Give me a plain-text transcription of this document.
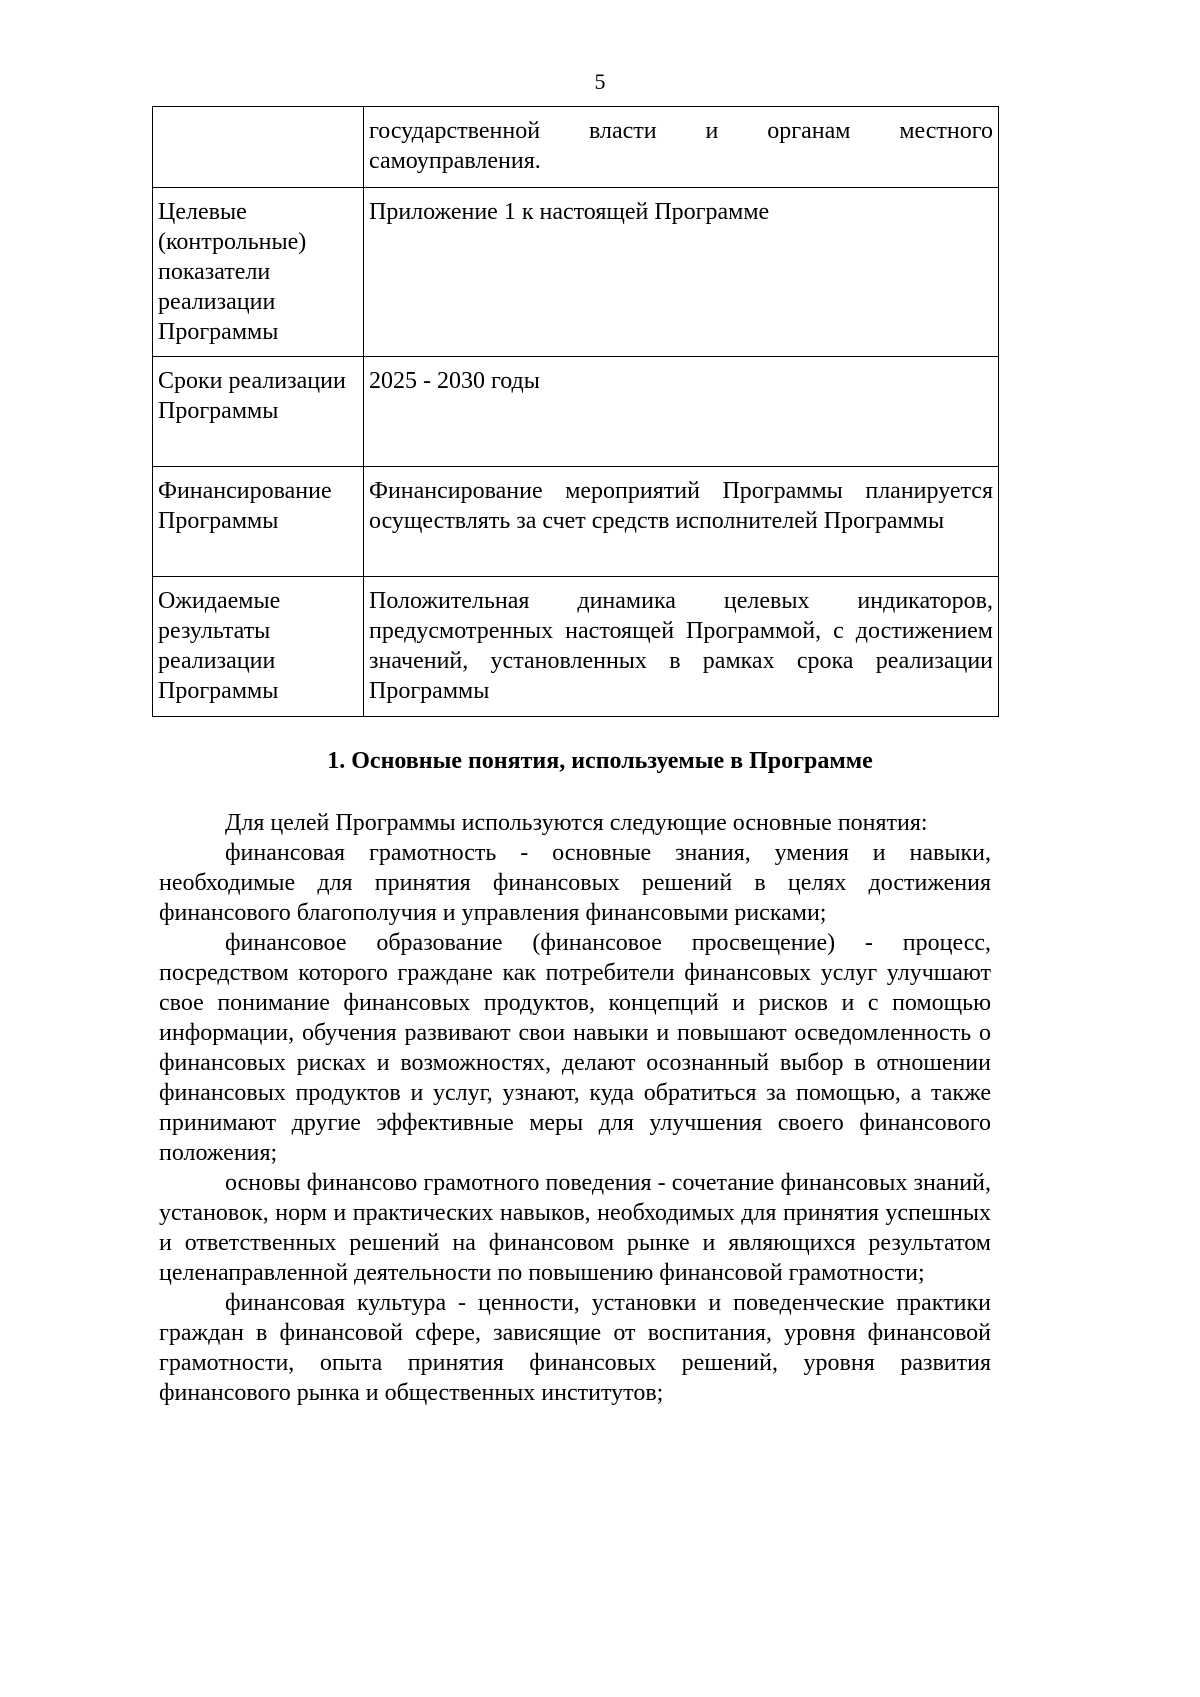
5
	государственной власти и органам местного самоуправления.
Целевые (контрольные) показатели реализации Программы	Приложение 1 к настоящей Программе
Сроки реализации Программы	2025 - 2030 годы
Финансирование Программы	Финансирование мероприятий Программы планируется осуществлять за счет средств исполнителей Программы
Ожидаемые результаты реализации Программы	Положительная динамика целевых индикаторов, предусмотренных настоящей Программой, с достижением значений, установленных в рамках срока реализации Программы
1. Основные понятия, используемые в Программе

Для целей Программы используются следующие основные понятия:

финансовая грамотность - основные знания, умения и навыки, необходимые для принятия финансовых решений в целях достижения финансового благополучия и управления финансовыми рисками;

финансовое образование (финансовое просвещение) - процесс, посредством которого граждане как потребители финансовых услуг улучшают свое понимание финансовых продуктов, концепций и рисков и с помощью информации, обучения развивают свои навыки и повышают осведомленность о финансовых рисках и возможностях, делают осознанный выбор в отношении финансовых продуктов и услуг, узнают, куда обратиться за помощью, а также принимают другие эффективные меры для улучшения своего финансового положения;

основы финансово грамотного поведения - сочетание финансовых знаний, установок, норм и практических навыков, необходимых для принятия успешных и ответственных решений на финансовом рынке и являющихся результатом целенаправленной деятельности по повышению финансовой грамотности;

финансовая культура - ценности, установки и поведенческие практики граждан в финансовой сфере, зависящие от воспитания, уровня финансовой грамотности, опыта принятия финансовых решений, уровня развития финансового рынка и общественных институтов;
